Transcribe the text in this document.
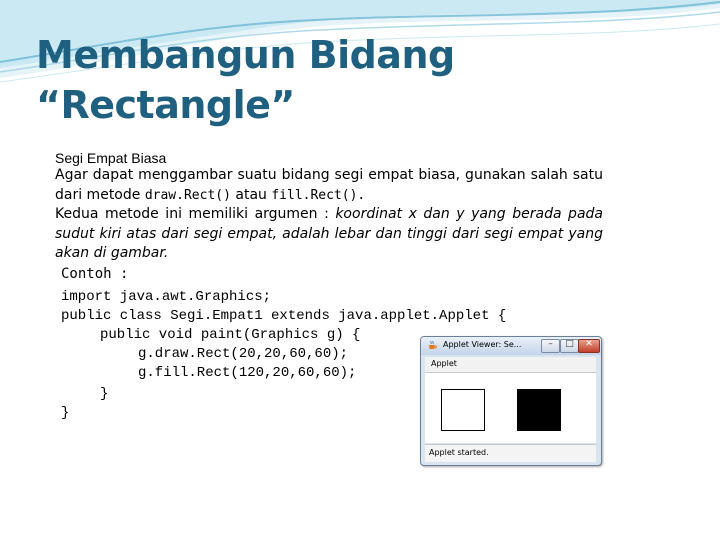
Membangun Bidang
“Rectangle”
Segi Empat Biasa
Agar dapat menggambar suatu bidang segi empat biasa, gunakan salah satu dari metode draw.Rect() atau fill.Rect().
Kedua metode ini memiliki argumen : koordinat x dan y yang berada pada sudut kiri atas dari segi empat, adalah lebar dan tinggi dari segi empat yang akan di gambar.
Contoh :
import java.awt.Graphics;
public class Segi.Empat1 extends java.applet.Applet {
public void paint(Graphics g) {
g.draw.Rect(20,20,60,60);
g.fill.Rect(120,20,60,60);
}
}
Applet Viewer: Se...	–	□	✕
Applet
Applet started.
